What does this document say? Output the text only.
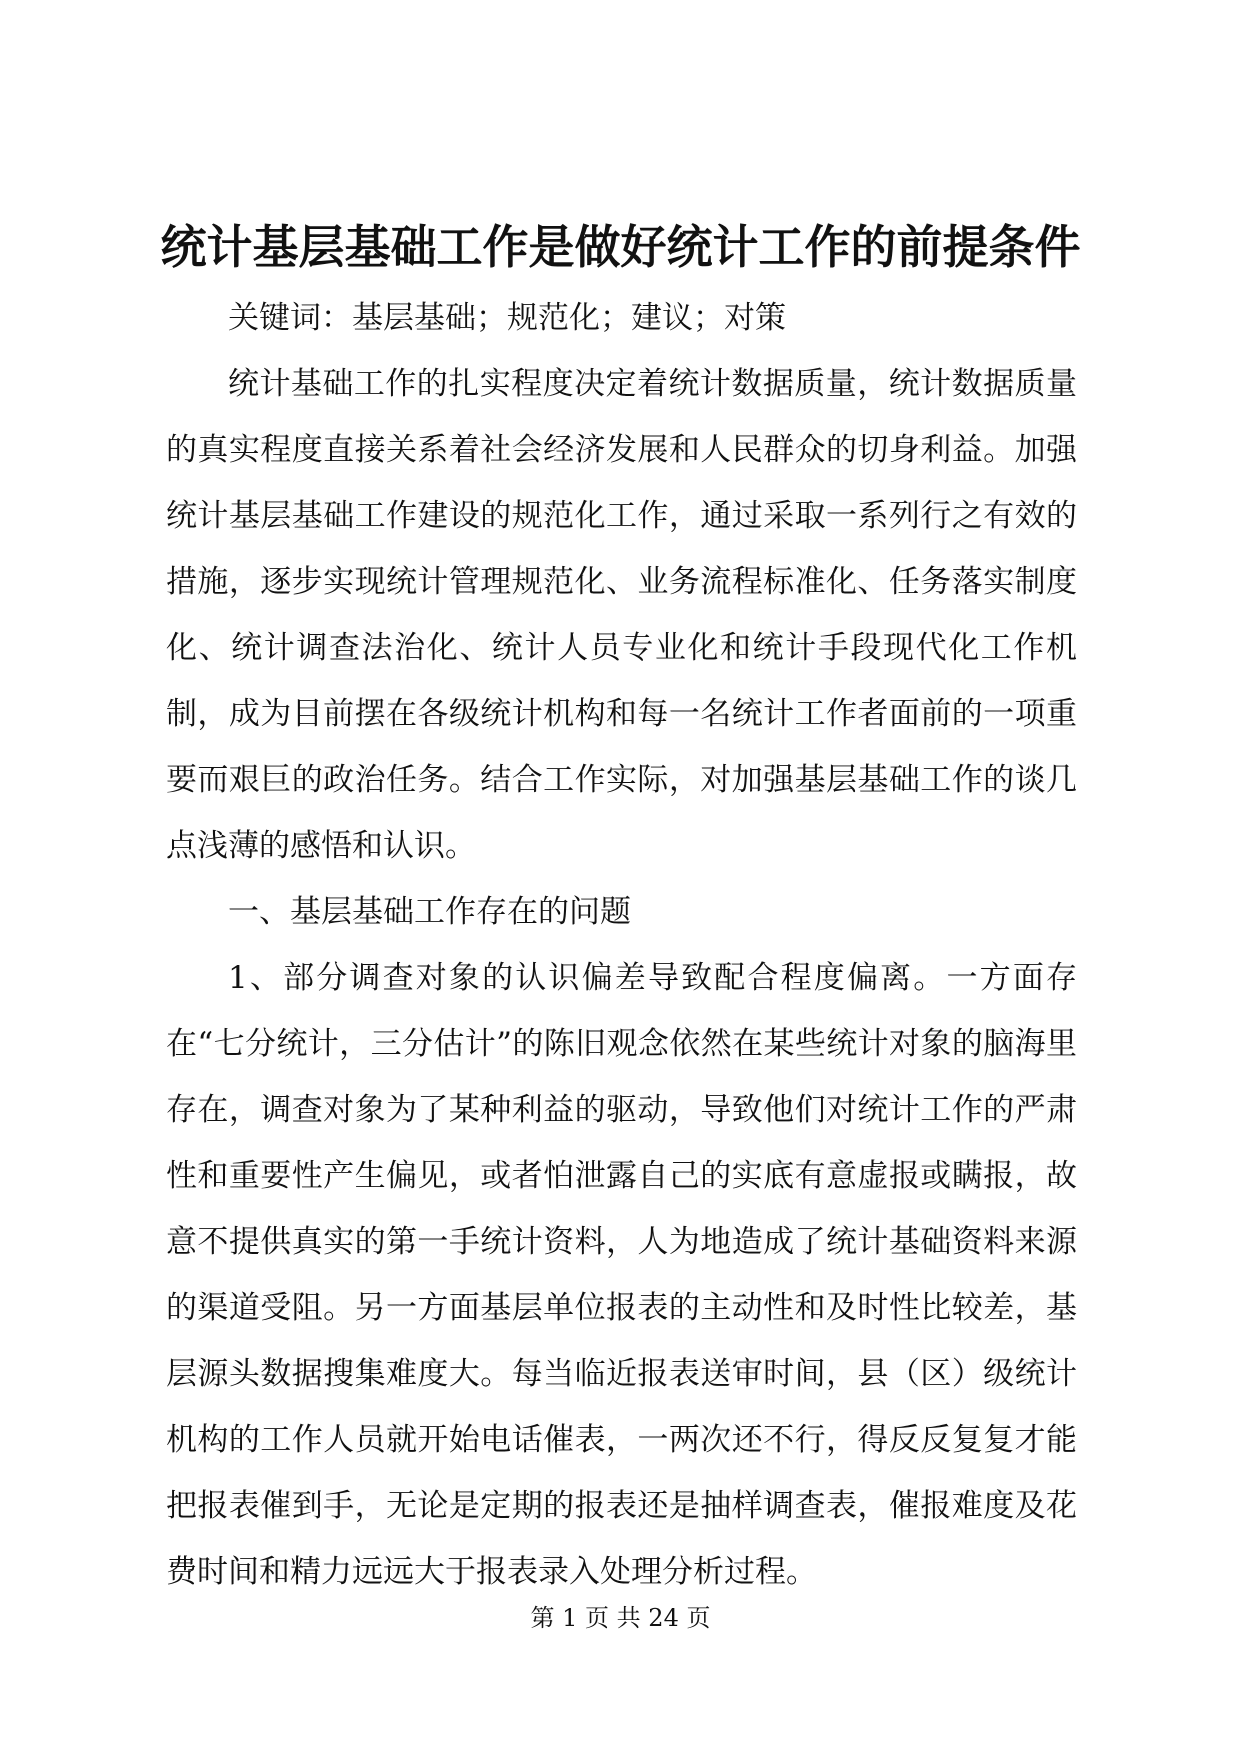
统计基层基础工作是做好统计工作的前提条件

关键词：基层基础；规范化；建议；对策

统计基础工作的扎实程度决定着统计数据质量，统计数据质量的真实程度直接关系着社会经济发展和人民群众的切身利益。加强统计基层基础工作建设的规范化工作，通过采取一系列行之有效的措施，逐步实现统计管理规范化、业务流程标准化、任务落实制度化、统计调查法治化、统计人员专业化和统计手段现代化工作机制，成为目前摆在各级统计机构和每一名统计工作者面前的一项重要而艰巨的政治任务。结合工作实际，对加强基层基础工作的谈几点浅薄的感悟和认识。

一、基层基础工作存在的问题

1、部分调查对象的认识偏差导致配合程度偏离。一方面存在“七分统计，三分估计”的陈旧观念依然在某些统计对象的脑海里存在，调查对象为了某种利益的驱动，导致他们对统计工作的严肃性和重要性产生偏见，或者怕泄露自己的实底有意虚报或瞒报，故意不提供真实的第一手统计资料，人为地造成了统计基础资料来源的渠道受阻。另一方面基层单位报表的主动性和及时性比较差，基层源头数据搜集难度大。每当临近报表送审时间，县（区）级统计机构的工作人员就开始电话催表，一两次还不行，得反反复复才能把报表催到手，无论是定期的报表还是抽样调查表，催报难度及花费时间和精力远远大于报表录入处理分析过程。

第 1 页 共 24 页
